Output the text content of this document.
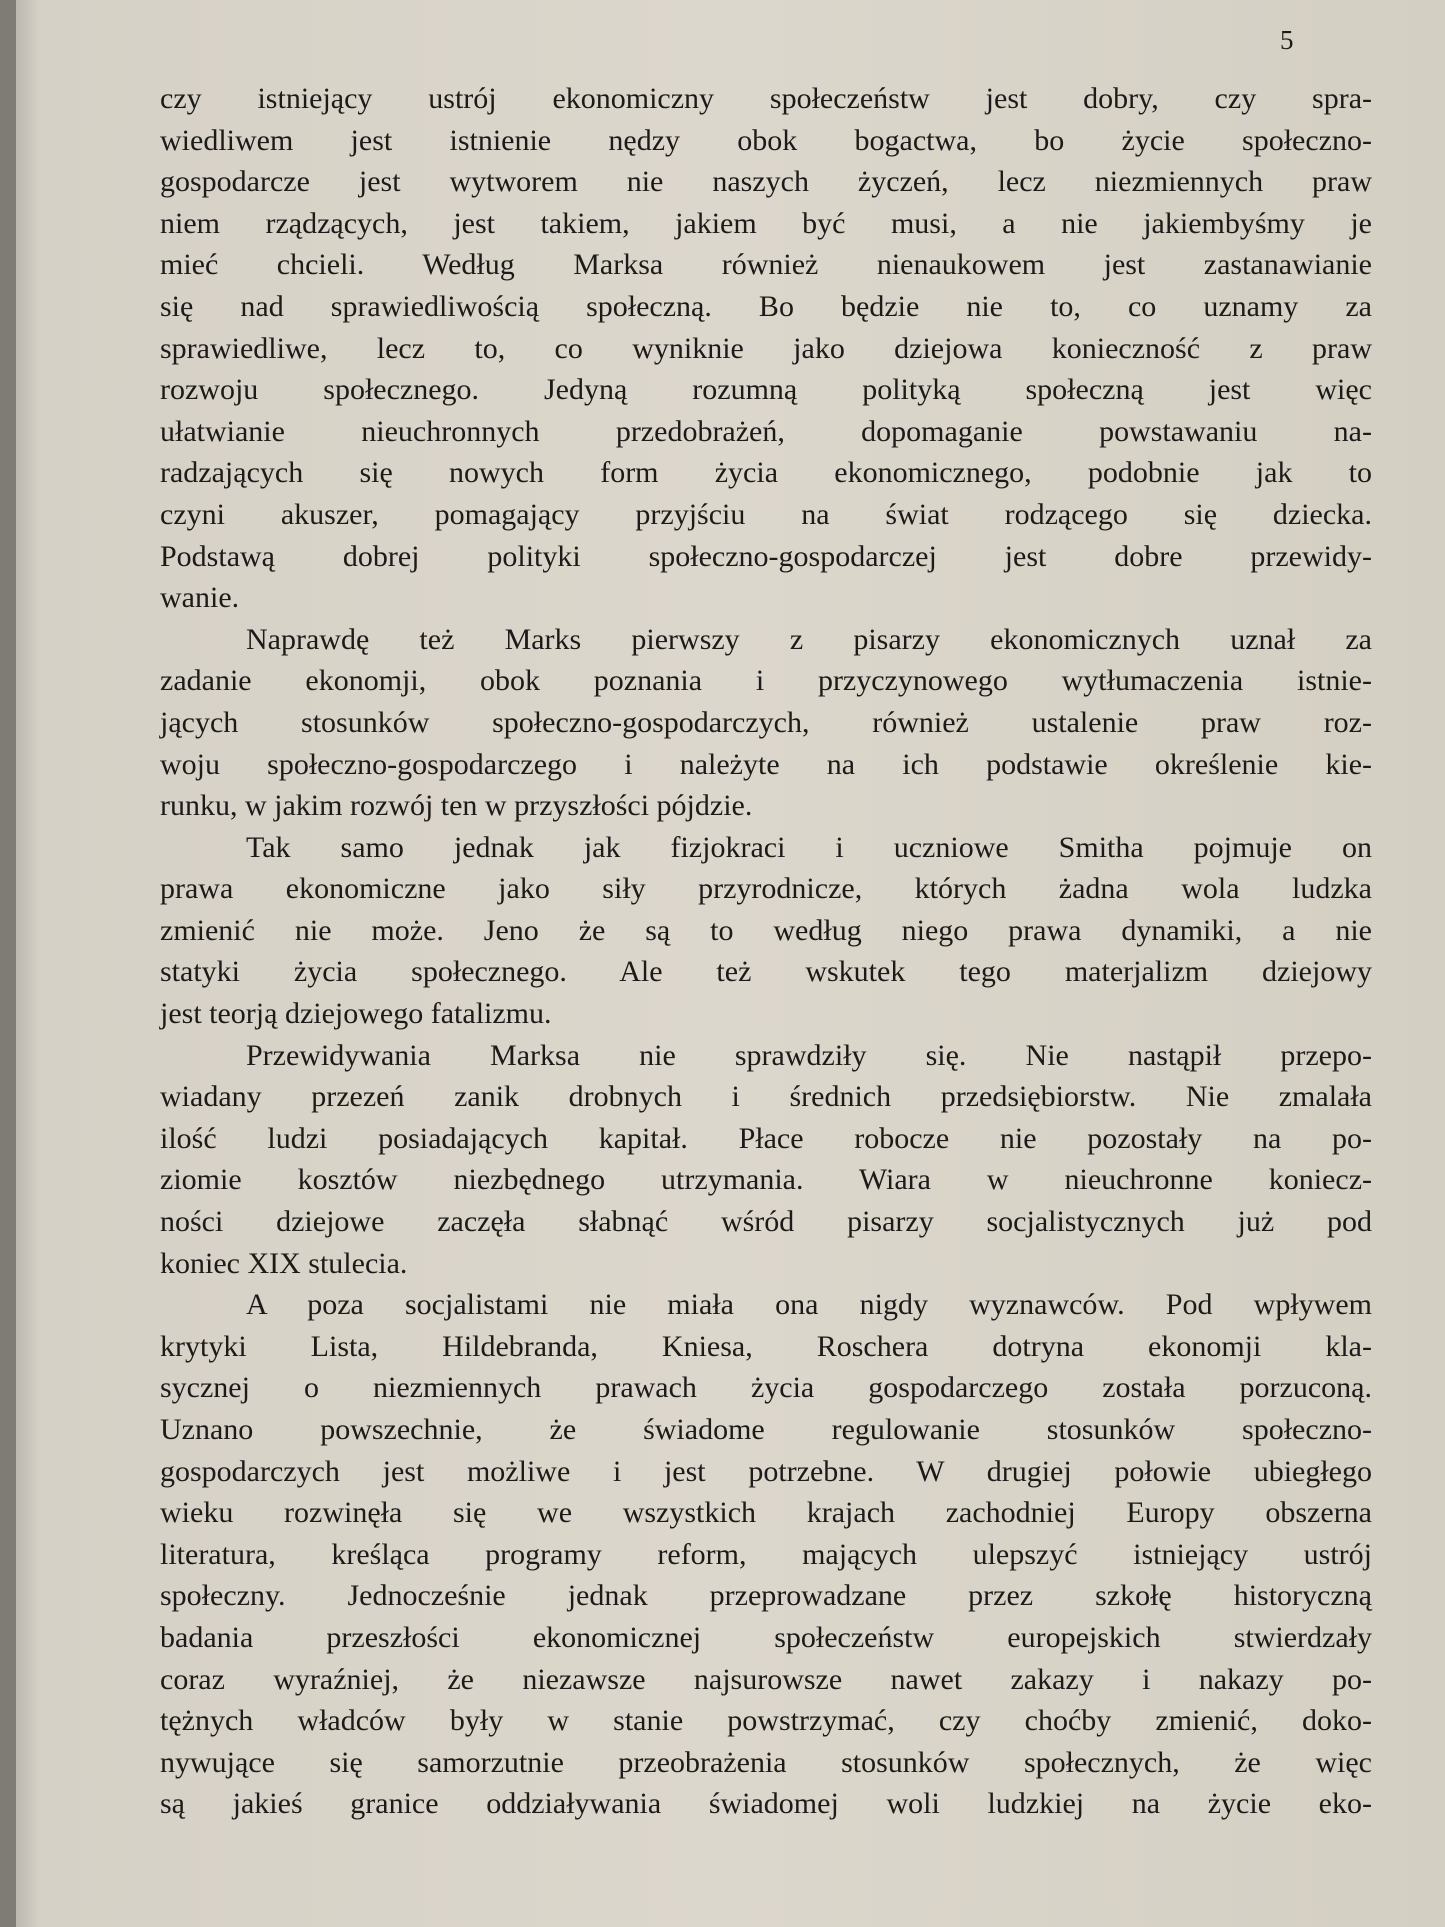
5
czy istniejący ustrój ekonomiczny społeczeństw jest dobry, czy spra-
wiedliwem jest istnienie nędzy obok bogactwa, bo życie społeczno-
gospodarcze jest wytworem nie naszych życzeń, lecz niezmiennych praw
niem rządzących, jest takiem, jakiem być musi, a nie jakiembyśmy je
mieć chcieli. Według Marksa również nienaukowem jest zastanawianie
się nad sprawiedliwością społeczną. Bo będzie nie to, co uznamy za
sprawiedliwe, lecz to, co wyniknie jako dziejowa konieczność z praw
rozwoju społecznego. Jedyną rozumną polityką społeczną jest więc
ułatwianie nieuchronnych przedobrażeń, dopomaganie powstawaniu na-
radzających się nowych form życia ekonomicznego, podobnie jak to
czyni akuszer, pomagający przyjściu na świat rodzącego się dziecka.
Podstawą dobrej polityki społeczno-gospodarczej jest dobre przewidy-
wanie.
Naprawdę też Marks pierwszy z pisarzy ekonomicznych uznał za
zadanie ekonomji, obok poznania i przyczynowego wytłumaczenia istnie-
jących stosunków społeczno-gospodarczych, również ustalenie praw roz-
woju społeczno-gospodarczego i należyte na ich podstawie określenie kie-
runku, w jakim rozwój ten w przyszłości pójdzie.
Tak samo jednak jak fizjokraci i uczniowe Smitha pojmuje on
prawa ekonomiczne jako siły przyrodnicze, których żadna wola ludzka
zmienić nie może. Jeno że są to według niego prawa dynamiki, a nie
statyki życia społecznego. Ale też wskutek tego materjalizm dziejowy
jest teorją dziejowego fatalizmu.
Przewidywania Marksa nie sprawdziły się. Nie nastąpił przepo-
wiadany przezeń zanik drobnych i średnich przedsiębiorstw. Nie zmalała
ilość ludzi posiadających kapitał. Płace robocze nie pozostały na po-
ziomie kosztów niezbędnego utrzymania. Wiara w nieuchronne koniecz-
ności dziejowe zaczęła słabnąć wśród pisarzy socjalistycznych już pod
koniec XIX stulecia.
A poza socjalistami nie miała ona nigdy wyznawców. Pod wpływem
krytyki Lista, Hildebranda, Kniesa, Roschera dotryna ekonomji kla-
sycznej o niezmiennych prawach życia gospodarczego została porzuconą.
Uznano powszechnie, że świadome regulowanie stosunków społeczno-
gospodarczych jest możliwe i jest potrzebne. W drugiej połowie ubiegłego
wieku rozwinęła się we wszystkich krajach zachodniej Europy obszerna
literatura, kreśląca programy reform, mających ulepszyć istniejący ustrój
społeczny. Jednocześnie jednak przeprowadzane przez szkołę historyczną
badania przeszłości ekonomicznej społeczeństw europejskich stwierdzały
coraz wyraźniej, że niezawsze najsurowsze nawet zakazy i nakazy po-
tężnych władców były w stanie powstrzymać, czy choćby zmienić, doko-
nywujące się samorzutnie przeobrażenia stosunków społecznych, że więc
są jakieś granice oddziaływania świadomej woli ludzkiej na życie eko-
